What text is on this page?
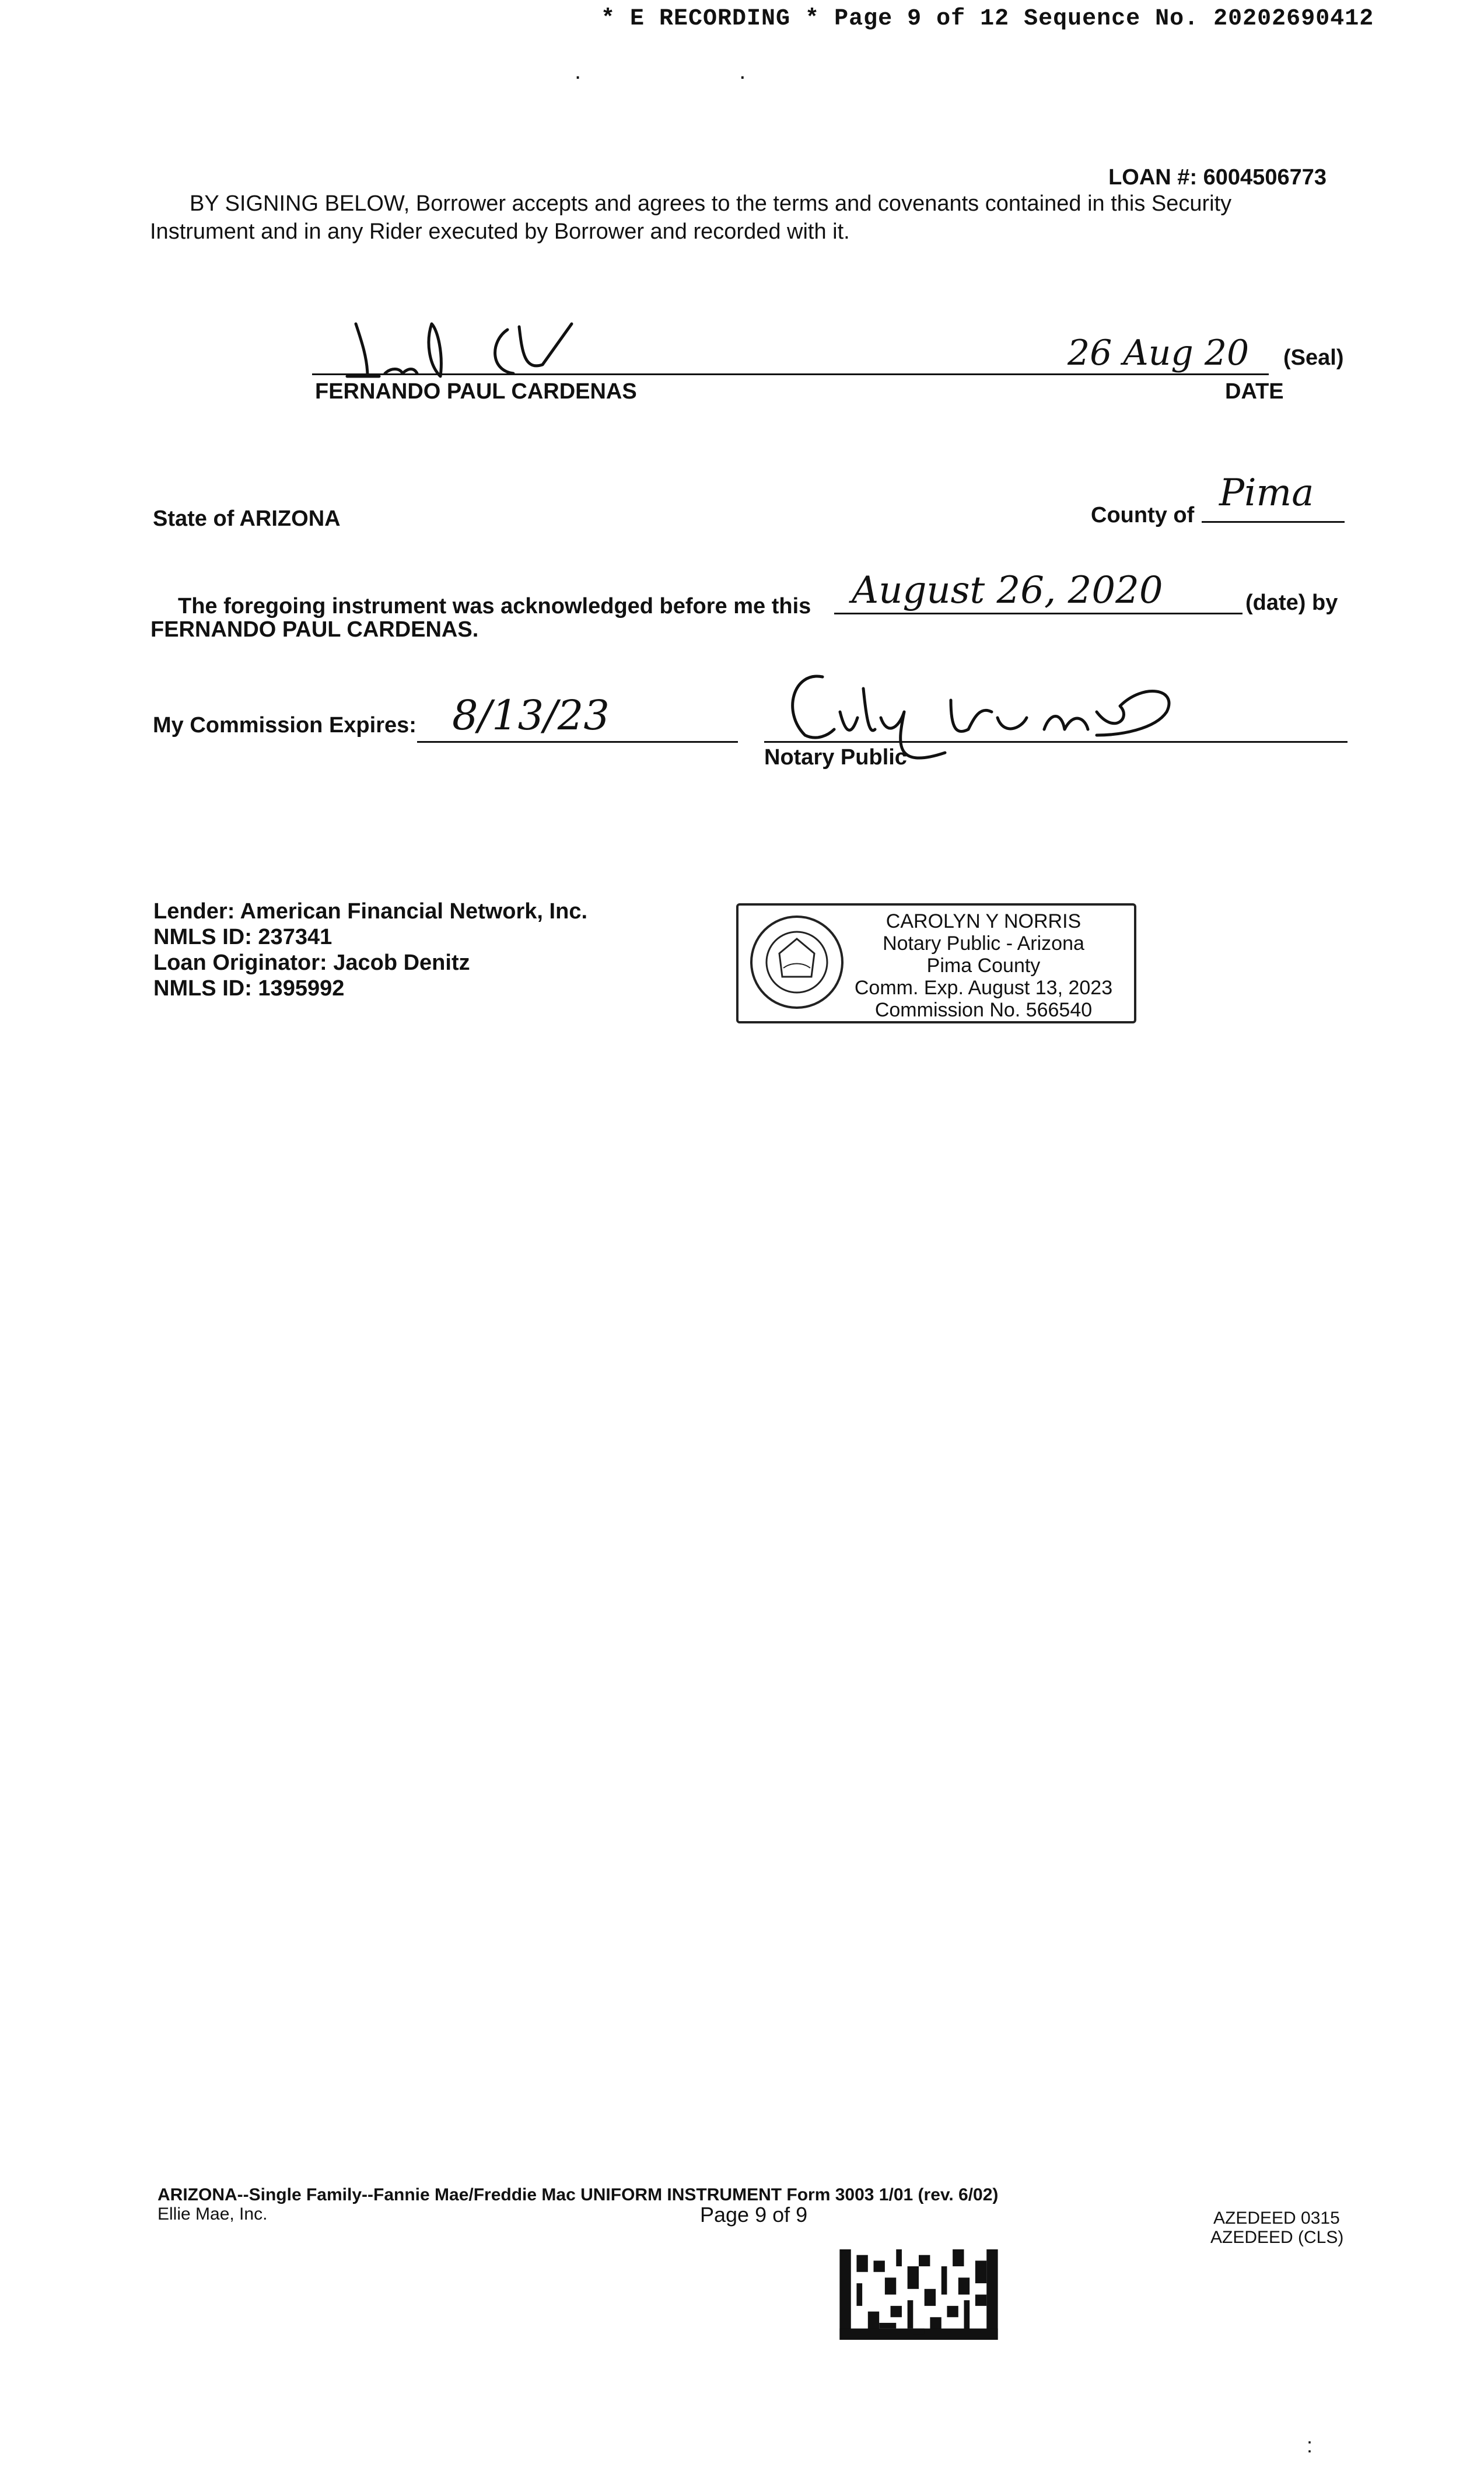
* E RECORDING * Page 9 of 12 Sequence No. 20202690412
. .
LOAN #: 6004506773
BY SIGNING BELOW, Borrower accepts and agrees to the terms and covenants contained in this Security
Instrument and in any Rider executed by Borrower and recorded with it.
FERNANDO PAUL CARDENAS
26 Aug 20 (Seal)
DATE
State of ARIZONA	County of
Pima
The foregoing instrument was acknowledged before me this August 26, 2020	(date) by
FERNANDO PAUL CARDENAS.
My Commission Expires: 8/13/23
Notary Public
Lender: American Financial Network, Inc.
NMLS ID: 237341
Loan Originator: Jacob Denitz
NMLS ID: 1395992
CAROLYN Y NORRIS
Notary Public - Arizona
Pima County
Comm. Exp. August 13, 2023
Commission No. 566540
ARIZONA--Single Family--Fannie Mae/Freddie Mac UNIFORM INSTRUMENT Form 3003 1/01 (rev. 6/02)
Ellie Mae, Inc.	Page 9 of 9	AZEDEED 0315
AZEDEED (CLS)
:
